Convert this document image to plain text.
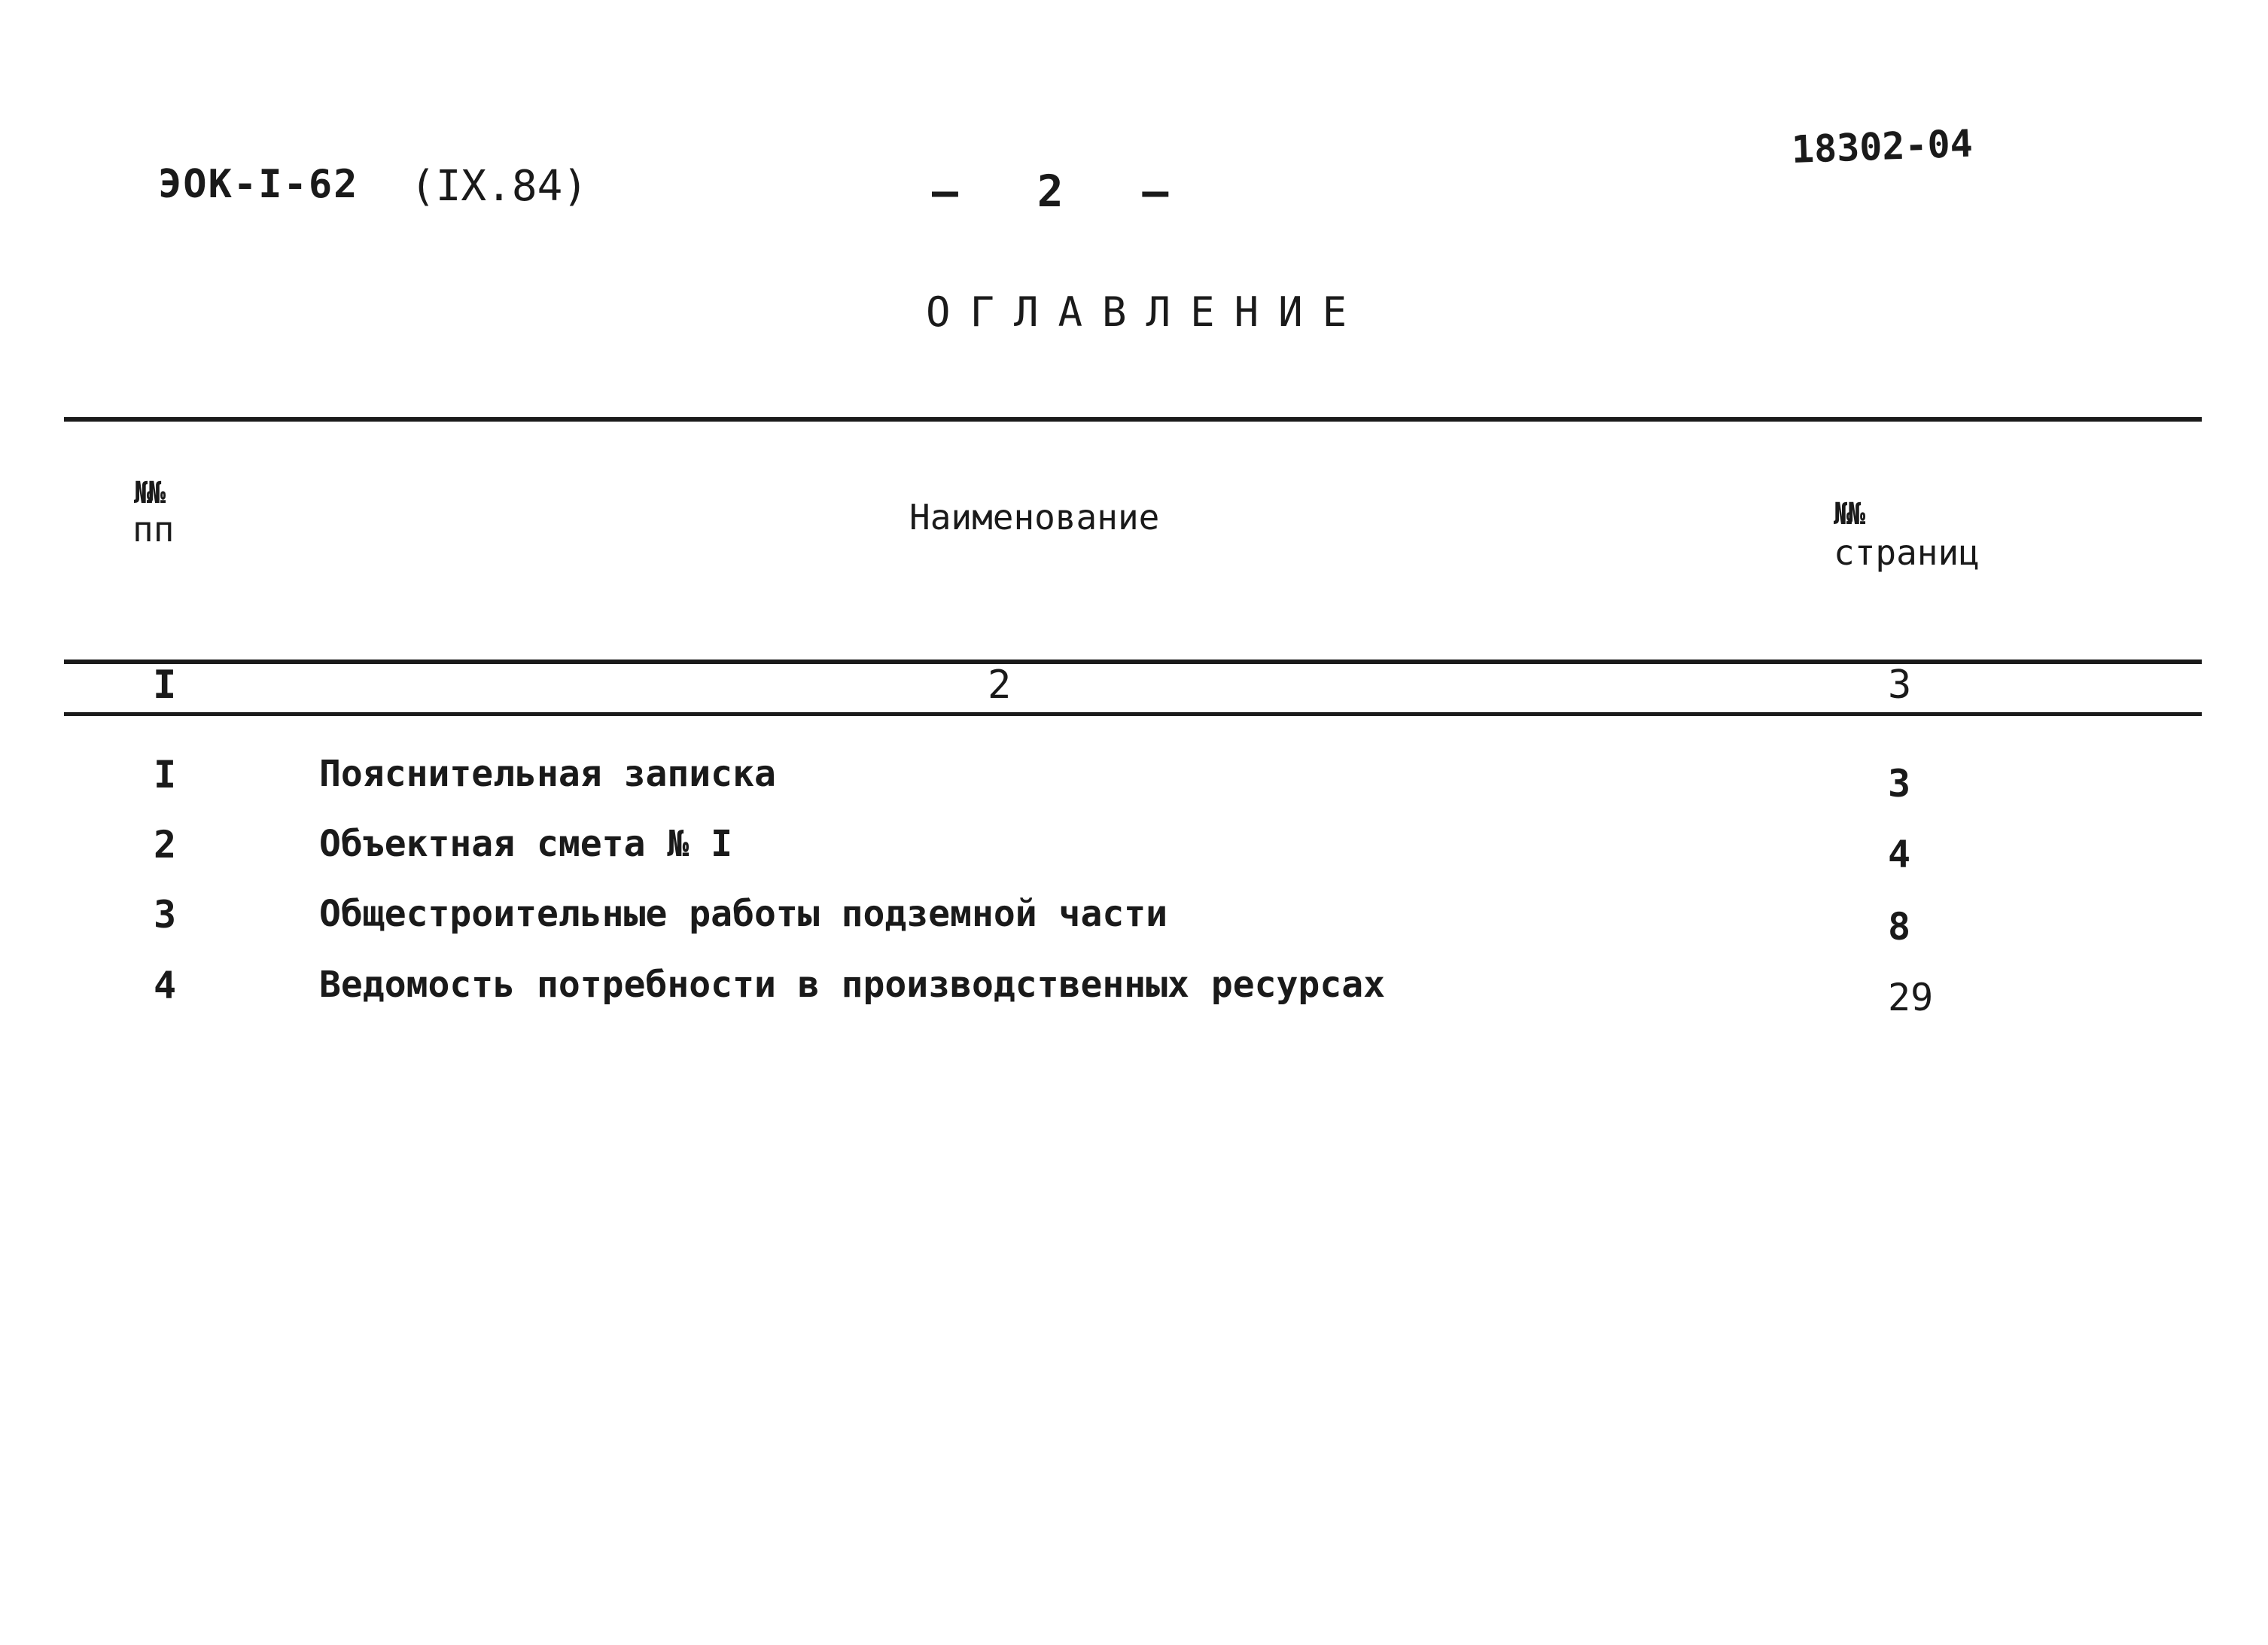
ЭОК-I-62 (IX.84)	–   2   –
18302-04
ОГЛАВЛЕНИЕ
№№
пп	Наименование	№№
страниц
I	2	3
I	Пояснительная записка	3
2	Объектная смета № I	4
3	Общестроительные работы подземной части	8
4	Ведомость потребности в производственных ресурсах	29
